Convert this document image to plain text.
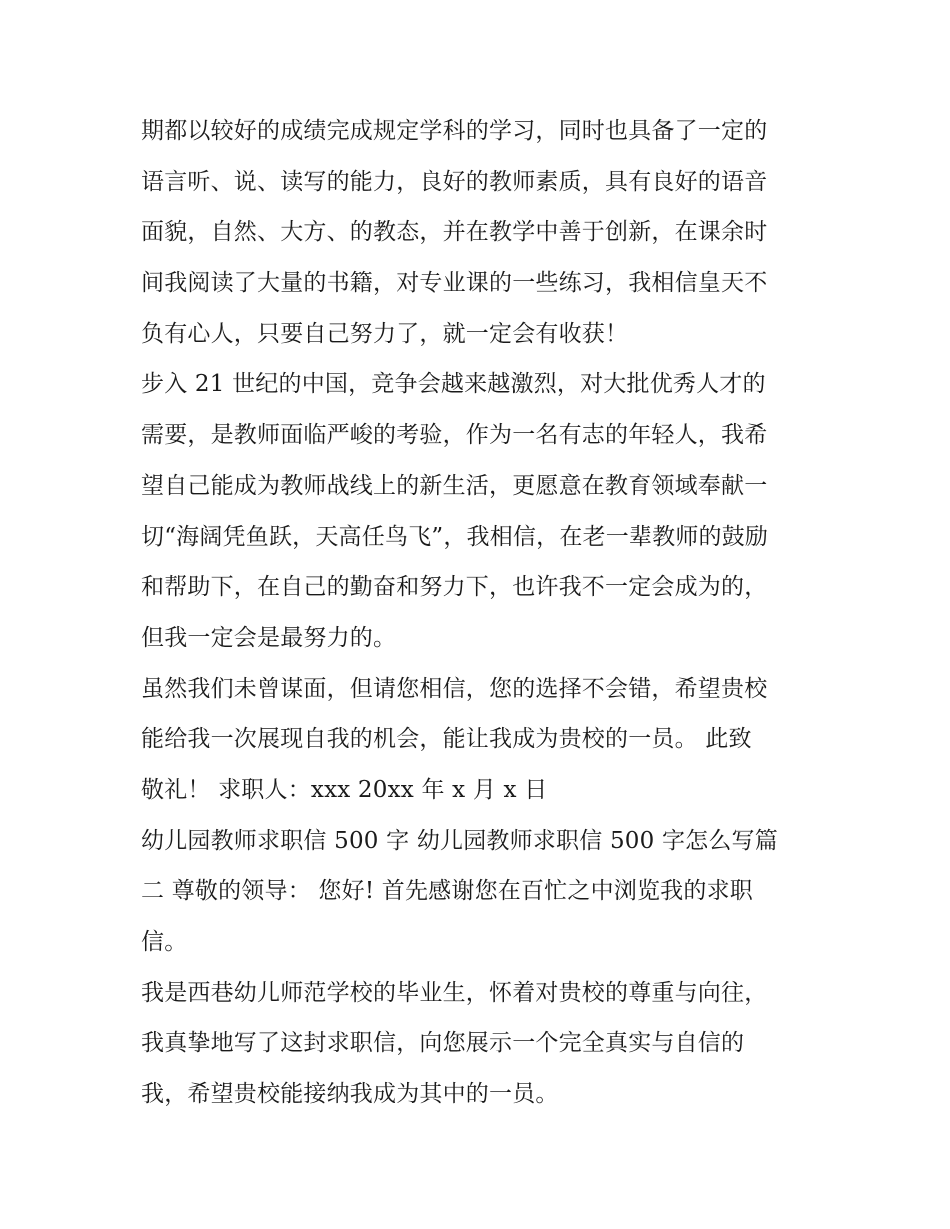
期都以较好的成绩完成规定学科的学习，同时也具备了一定的
语言听、说、读写的能力，良好的教师素质，具有良好的语音
面貌，自然、大方、的教态，并在教学中善于创新，在课余时
间我阅读了大量的书籍，对专业课的一些练习，我相信皇天不
负有心人，只要自己努力了，就一定会有收获！
步入 21 世纪的中国，竞争会越来越激烈，对大批优秀人才的
需要，是教师面临严峻的考验，作为一名有志的年轻人，我希
望自己能成为教师战线上的新生活，更愿意在教育领域奉献一
切“海阔凭鱼跃，天高任鸟飞”，我相信，在老一辈教师的鼓励
和帮助下，在自己的勤奋和努力下，也许我不一定会成为的，
但我一定会是最努力的。
虽然我们未曾谋面，但请您相信，您的选择不会错，希望贵校
能给我一次展现自我的机会，能让我成为贵校的一员。 此致
敬礼！ 求职人：xxx 20xx 年 x 月 x 日
幼儿园教师求职信 500 字 幼儿园教师求职信 500 字怎么写篇
二 尊敬的领导： 您好! 首先感谢您在百忙之中浏览我的求职
信。
我是西巷幼儿师范学校的毕业生，怀着对贵校的尊重与向往，
我真挚地写了这封求职信，向您展示一个完全真实与自信的
我，希望贵校能接纳我成为其中的一员。
